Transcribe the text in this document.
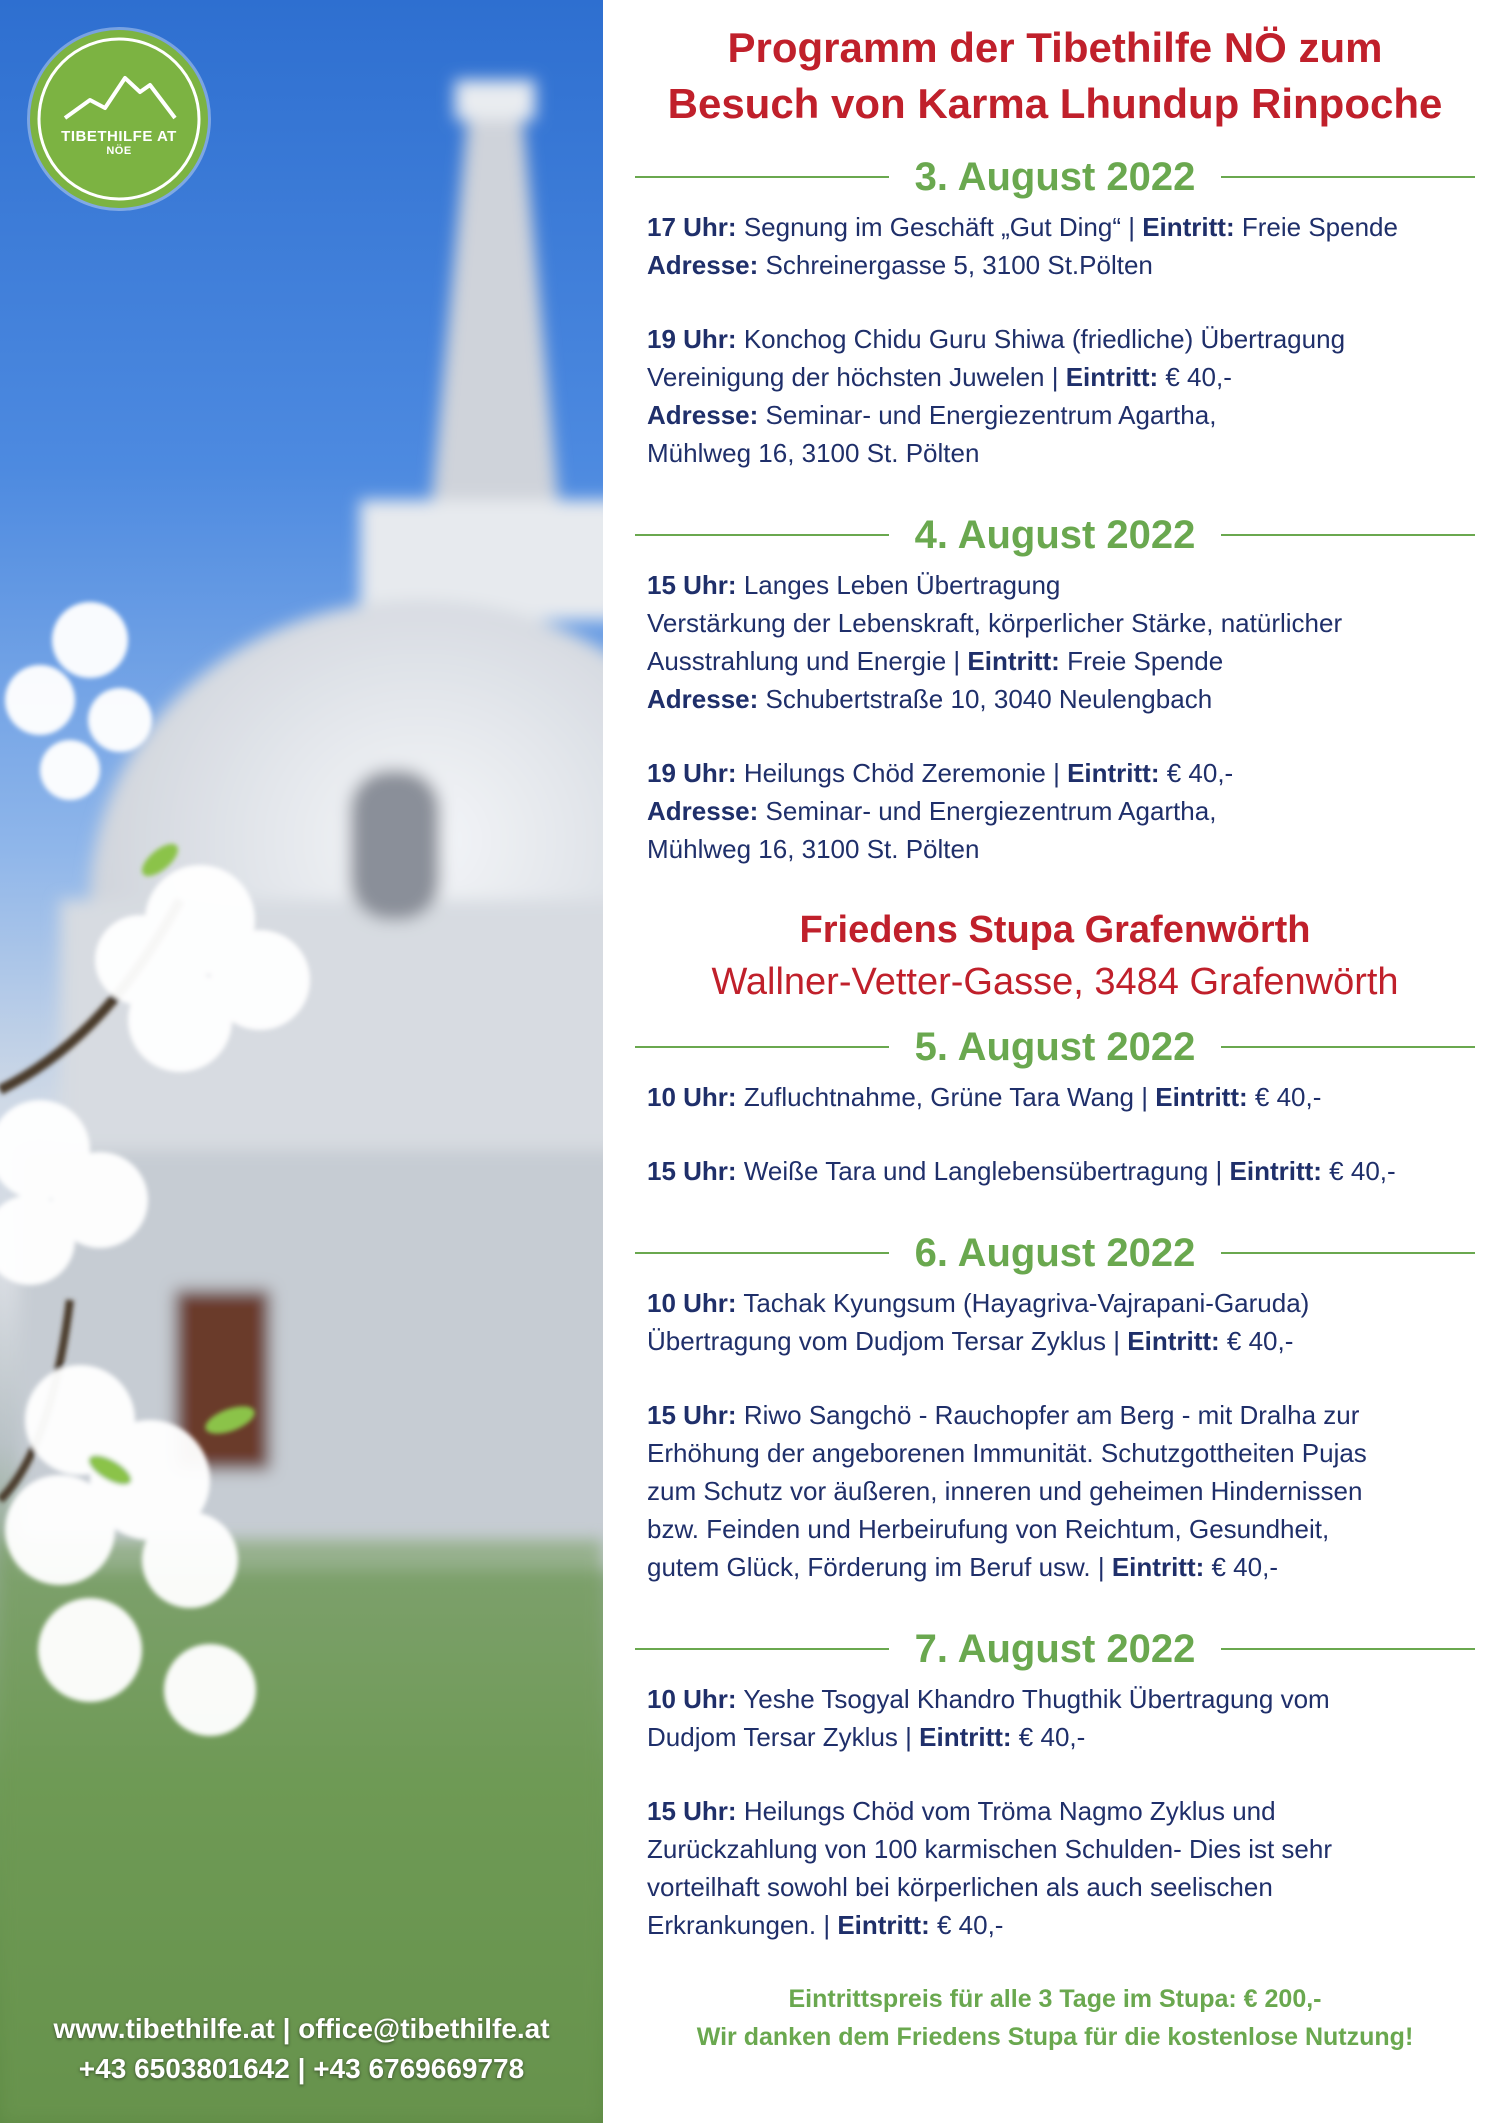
TIBETHILFE AT
NÖE
www.tibethilfe.at | office@tibethilfe.at
+43 6503801642 | +43 6769669778
Programm der Tibethilfe NÖ zum
Besuch von Karma Lhundup Rinpoche
3. August 2022
17 Uhr: Segnung im Geschäft „Gut Ding“ | Eintritt: Freie Spende
Adresse: Schreinergasse 5, 3100 St.Pölten
19 Uhr: Konchog Chidu Guru Shiwa (friedliche) Übertragung
Vereinigung der höchsten Juwelen | Eintritt: € 40,-
Adresse: Seminar- und Energiezentrum Agartha,
Mühlweg 16, 3100 St. Pölten
4. August 2022
15 Uhr: Langes Leben Übertragung
Verstärkung der Lebenskraft, körperlicher Stärke, natürlicher
Ausstrahlung und Energie | Eintritt: Freie Spende
Adresse: Schubertstraße 10, 3040 Neulengbach
19 Uhr: Heilungs Chöd Zeremonie | Eintritt: € 40,-
Adresse: Seminar- und Energiezentrum Agartha,
Mühlweg 16, 3100 St. Pölten
Friedens Stupa Grafenwörth
Wallner-Vetter-Gasse, 3484 Grafenwörth
5. August 2022
10 Uhr: Zufluchtnahme, Grüne Tara Wang | Eintritt: € 40,-
15 Uhr: Weiße Tara und Langlebensübertragung | Eintritt: € 40,-
6. August 2022
10 Uhr: Tachak Kyungsum (Hayagriva-Vajrapani-Garuda)
Übertragung vom Dudjom Tersar Zyklus | Eintritt: € 40,-
15 Uhr: Riwo Sangchö - Rauchopfer am Berg - mit Dralha zur
Erhöhung der angeborenen Immunität. Schutzgottheiten Pujas
zum Schutz vor äußeren, inneren und geheimen Hindernissen
bzw. Feinden und Herbeirufung von Reichtum, Gesundheit,
gutem Glück, Förderung im Beruf usw. | Eintritt: € 40,-
7. August 2022
10 Uhr: Yeshe Tsogyal Khandro Thugthik Übertragung vom
Dudjom Tersar Zyklus | Eintritt: € 40,-
15 Uhr: Heilungs Chöd vom Tröma Nagmo Zyklus und
Zurückzahlung von 100 karmischen Schulden- Dies ist sehr
vorteilhaft sowohl bei körperlichen als auch seelischen
Erkrankungen. | Eintritt: € 40,-
Eintrittspreis für alle 3 Tage im Stupa: € 200,-
Wir danken dem Friedens Stupa für die kostenlose Nutzung!
